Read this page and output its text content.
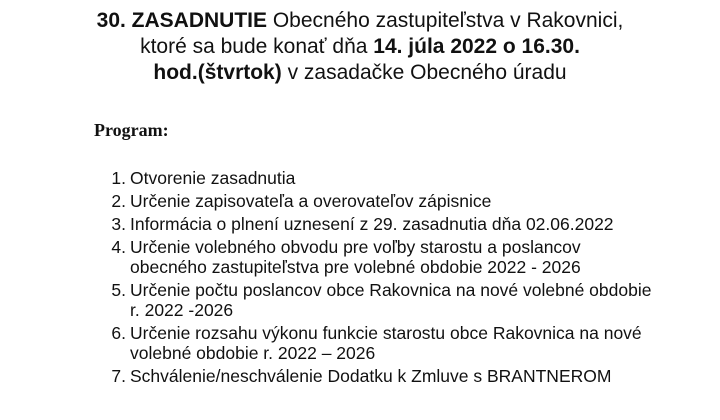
30. ZASADNUTIE Obecného zastupiteľstva v Rakovnici,
ktoré sa bude konať dňa 14. júla 2022 o 16.30.
hod.(štvrtok) v zasadačke Obecného úradu
Program:
1. Otvorenie zasadnutia
2. Určenie zapisovateľa a overovateľov zápisnice
3. Informácia o plnení uznesení z 29. zasadnutia dňa 02.06.2022
4. Určenie volebného obvodu pre voľby starostu a poslancov obecného zastupiteľstva pre volebné obdobie 2022 - 2026
5. Určenie počtu poslancov obce Rakovnica na nové volebné obdobie r. 2022 -2026
6. Určenie rozsahu výkonu funkcie starostu obce Rakovnica na nové volebné obdobie r. 2022 – 2026
7. Schválenie/neschválenie Dodatku k Zmluve s BRANTNEROM
